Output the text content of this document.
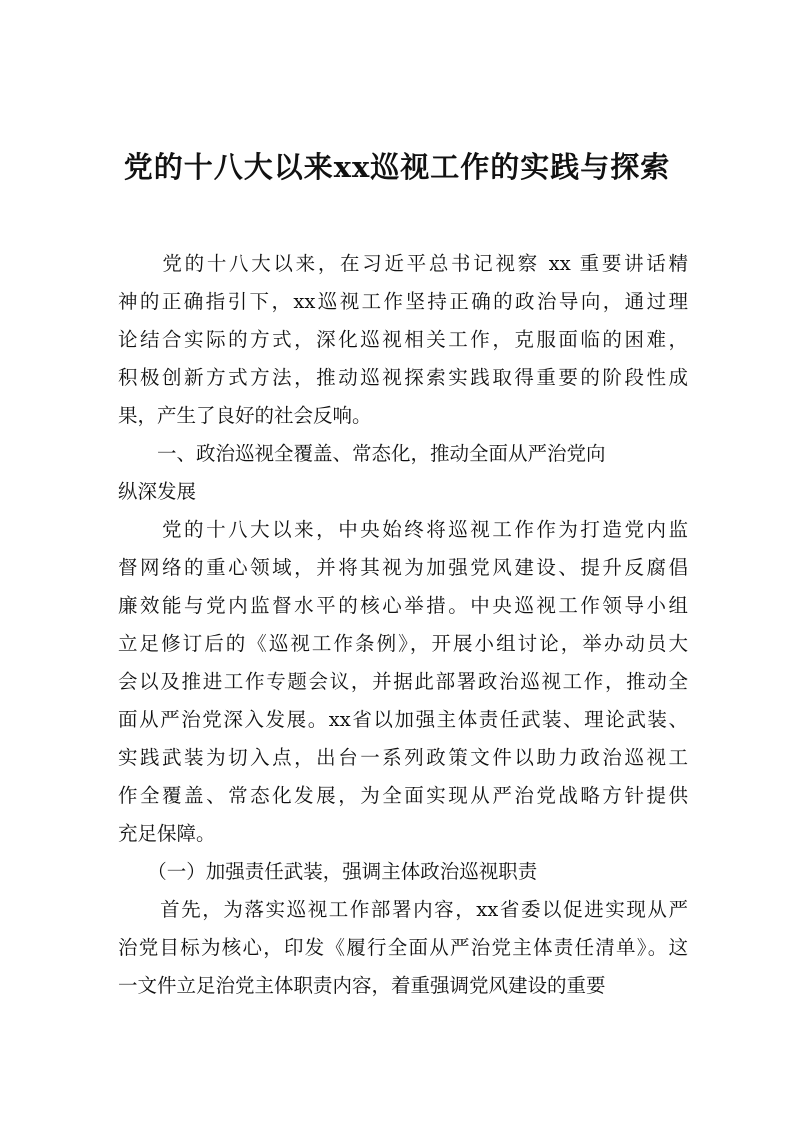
党的十八大以来xx巡视工作的实践与探索
　　党的十八大以来，在习近平总书记视察 xx 重要讲话精
神的正确指引下，xx巡视工作坚持正确的政治导向，通过理
论结合实际的方式，深化巡视相关工作，克服面临的困难，
积极创新方式方法，推动巡视探索实践取得重要的阶段性成
果，产生了良好的社会反响。
　　一、政治巡视全覆盖、常态化，推动全面从严治党向
纵深发展
　　党的十八大以来，中央始终将巡视工作作为打造党内监
督网络的重心领域，并将其视为加强党风建设、提升反腐倡
廉效能与党内监督水平的核心举措。中央巡视工作领导小组
立足修订后的《巡视工作条例》，开展小组讨论，举办动员大
会以及推进工作专题会议，并据此部署政治巡视工作，推动全
面从严治党深入发展。xx省以加强主体责任武装、理论武装、
实践武装为切入点，出台一系列政策文件以助力政治巡视工
作全覆盖、常态化发展，为全面实现从严治党战略方针提供
充足保障。
　　（一）加强责任武装，强调主体政治巡视职责
　　首先，为落实巡视工作部署内容，xx省委以促进实现从严
治党目标为核心，印发《履行全面从严治党主体责任清单》。这
一文件立足治党主体职责内容，着重强调党风建设的重要
